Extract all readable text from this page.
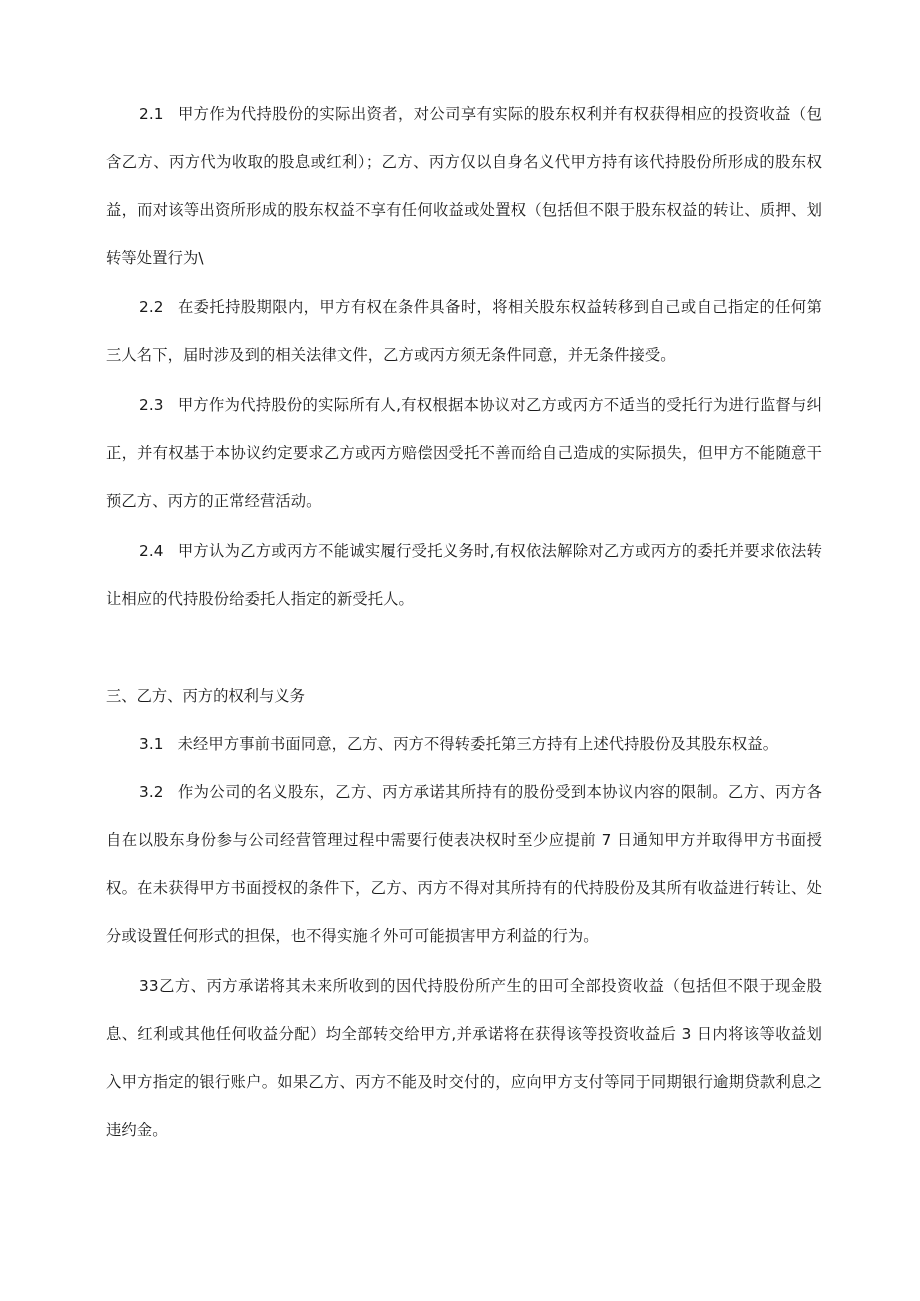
2.1 甲方作为代持股份的实际出资者，对公司享有实际的股东权利并有权获得相应的投资收益（包含乙方、丙方代为收取的股息或红利）；乙方、丙方仅以自身名义代甲方持有该代持股份所形成的股东权益，而对该等出资所形成的股东权益不享有任何收益或处置权（包括但不限于股东权益的转让、质押、划转等处置行为\

2.2 在委托持股期限内，甲方有权在条件具备时，将相关股东权益转移到自己或自己指定的任何第三人名下，届时涉及到的相关法律文件，乙方或丙方须无条件同意，并无条件接受。

2.3 甲方作为代持股份的实际所有人,有权根据本协议对乙方或丙方不适当的受托行为进行监督与纠正，并有权基于本协议约定要求乙方或丙方赔偿因受托不善而给自己造成的实际损失，但甲方不能随意干预乙方、丙方的正常经营活动。

2.4 甲方认为乙方或丙方不能诚实履行受托义务时,有权依法解除对乙方或丙方的委托并要求依法转让相应的代持股份给委托人指定的新受托人。

三、乙方、丙方的权利与义务

3.1 未经甲方事前书面同意，乙方、丙方不得转委托第三方持有上述代持股份及其股东权益。

3.2 作为公司的名义股东，乙方、丙方承诺其所持有的股份受到本协议内容的限制。乙方、丙方各自在以股东身份参与公司经营管理过程中需要行使表决权时至少应提前 7 日通知甲方并取得甲方书面授权。在未获得甲方书面授权的条件下，乙方、丙方不得对其所持有的代持股份及其所有收益进行转让、处分或设置任何形式的担保，也不得实施彳外可可能损害甲方利益的行为。

33乙方、丙方承诺将其未来所收到的因代持股份所产生的田可全部投资收益（包括但不限于现金股息、红利或其他任何收益分配）均全部转交给甲方,并承诺将在获得该等投资收益后 3 日内将该等收益划入甲方指定的银行账户。如果乙方、丙方不能及时交付的，应向甲方支付等同于同期银行逾期贷款利息之违约金。
